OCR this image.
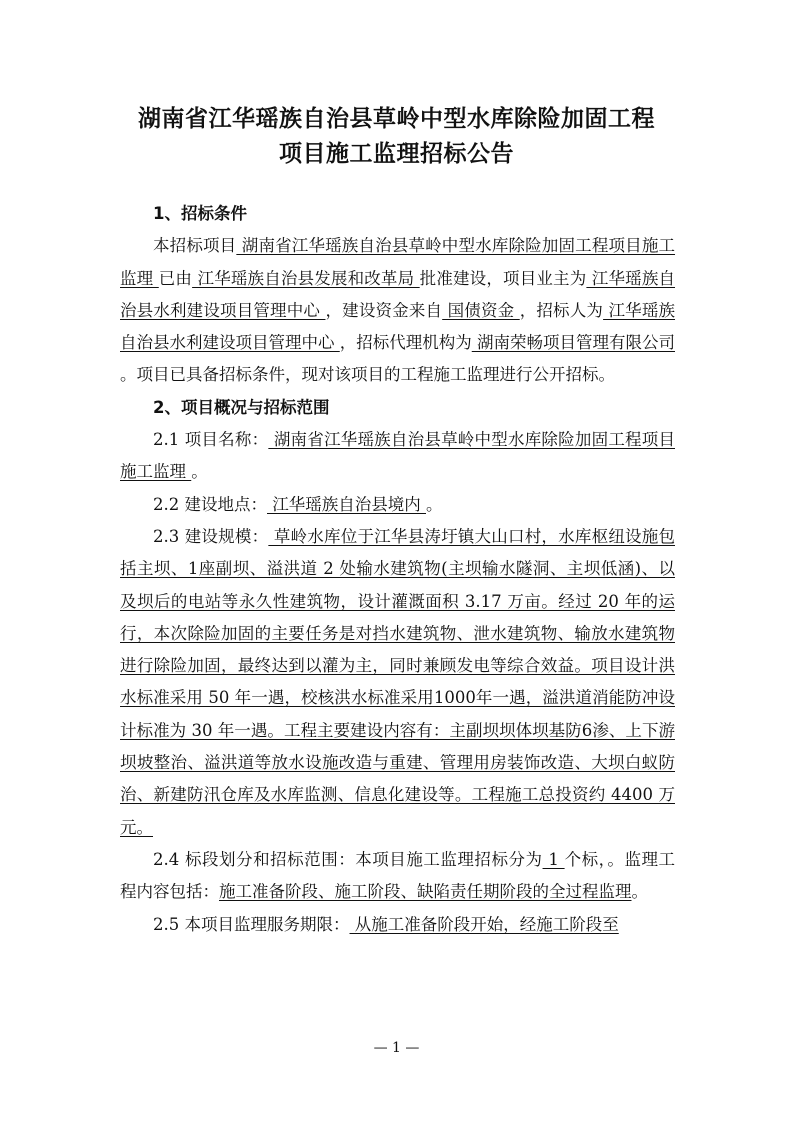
湖南省江华瑶族自治县草岭中型水库除险加固工程
项目施工监理招标公告

1、招标条件

本招标项目 湖南省江华瑶族自治县草岭中型水库除险加固工程项目施工监理 已由 江华瑶族自治县发展和改革局 批准建设，项目业主为 江华瑶族自治县水利建设项目管理中心 ，建设资金来自 国债资金 ，招标人为 江华瑶族自治县水利建设项目管理中心 ，招标代理机构为 湖南荣畅项目管理有限公司 。项目已具备招标条件，现对该项目的工程施工监理进行公开招标。

2、项目概况与招标范围

2.1 项目名称： 湖南省江华瑶族自治县草岭中型水库除险加固工程项目施工监理 。

2.2 建设地点： 江华瑶族自治县境内 。

2.3 建设规模： 草岭水库位于江华县涛圩镇大山口村，水库枢纽设施包括主坝、1座副坝、溢洪道 2 处输水建筑物(主坝输水隧洞、主坝低涵)、以及坝后的电站等永久性建筑物，设计灌溉面积 3.17 万亩。经过 20 年的运行，本次除险加固的主要任务是对挡水建筑物、泄水建筑物、输放水建筑物进行除险加固，最终达到以灌为主，同时兼顾发电等综合效益。项目设计洪水标准采用 50 年一遇，校核洪水标准采用1000年一遇，溢洪道消能防冲设计标准为 30 年一遇。工程主要建设内容有：主副坝坝体坝基防6渗、上下游坝坡整治、溢洪道等放水设施改造与重建、管理用房装饰改造、大坝白蚁防治、新建防汛仓库及水库监测、信息化建设等。工程施工总投资约 4400 万元。

2.4 标段划分和招标范围：本项目施工监理招标分为 1 个标，。监理工程内容包括：施工准备阶段、施工阶段、缺陷责任期阶段的全过程监理。

2.5 本项目监理服务期限： 从施工准备阶段开始，经施工阶段至

— 1 —
